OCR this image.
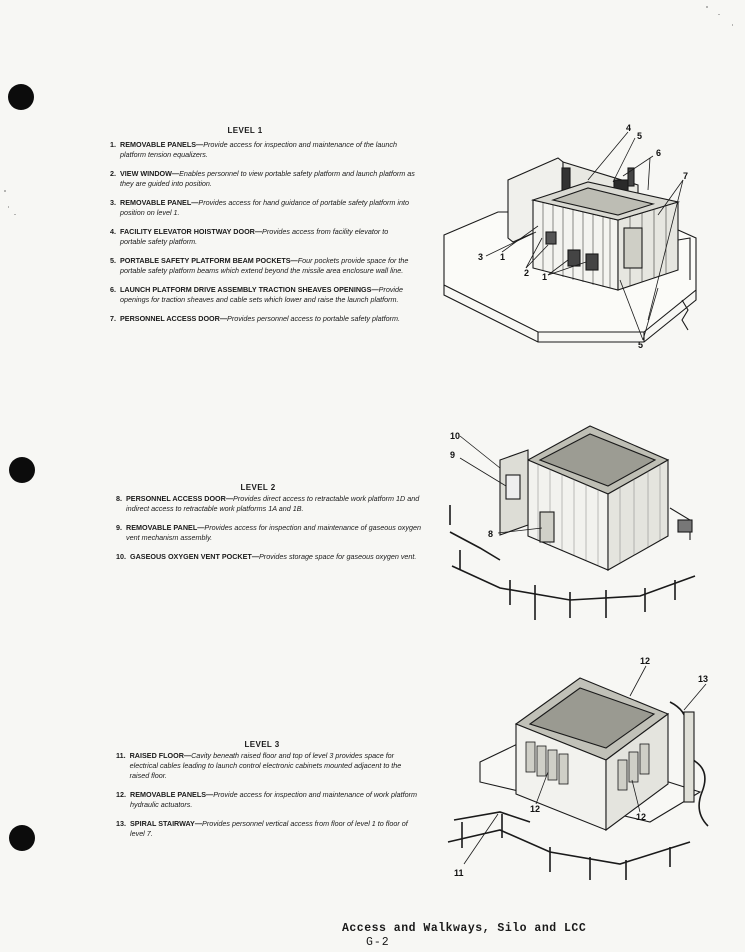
LEVEL 1
1. REMOVABLE PANELS—Provide access for inspection and maintenance of the launch platform tension equalizers.
2. VIEW WINDOW—Enables personnel to view portable safety platform and launch platform as they are guided into position.
3. REMOVABLE PANEL—Provides access for hand guidance of portable safety platform into position on level 1.
4. FACILITY ELEVATOR HOISTWAY DOOR—Provides access from facility elevator to portable safety platform.
5. PORTABLE SAFETY PLATFORM BEAM POCKETS—Four pockets provide space for the portable safety platform beams which extend beyond the missile area enclosure wall line.
6. LAUNCH PLATFORM DRIVE ASSEMBLY TRACTION SHEAVES OPENINGS—Provide openings for traction sheaves and cable sets which lower and raise the launch platform.
7. PERSONNEL ACCESS DOOR—Provides personnel access to portable safety platform.
1
1
2
3
4
5
5
6
7
LEVEL 2
8. PERSONNEL ACCESS DOOR—Provides direct access to retractable work platform 1D and indirect access to retractable work platforms 1A and 1B.
9. REMOVABLE PANEL—Provides access for inspection and maintenance of gaseous oxygen vent mechanism assembly.
10. GASEOUS OXYGEN VENT POCKET—Provides storage space for gaseous oxygen vent.
10
9
8
LEVEL 3
11. RAISED FLOOR—Cavity beneath raised floor and top of level 3 provides space for electrical cables leading to launch control electronic cabinets mounted adjacent to the raised floor.
12. REMOVABLE PANELS—Provide access for inspection and maintenance of work platform hydraulic actuators.
13. SPIRAL STAIRWAY—Provides personnel vertical access from floor of level 1 to floor of level 7.
12
13
12
12
11
Access and Walkways, Silo and LCC
G-2
